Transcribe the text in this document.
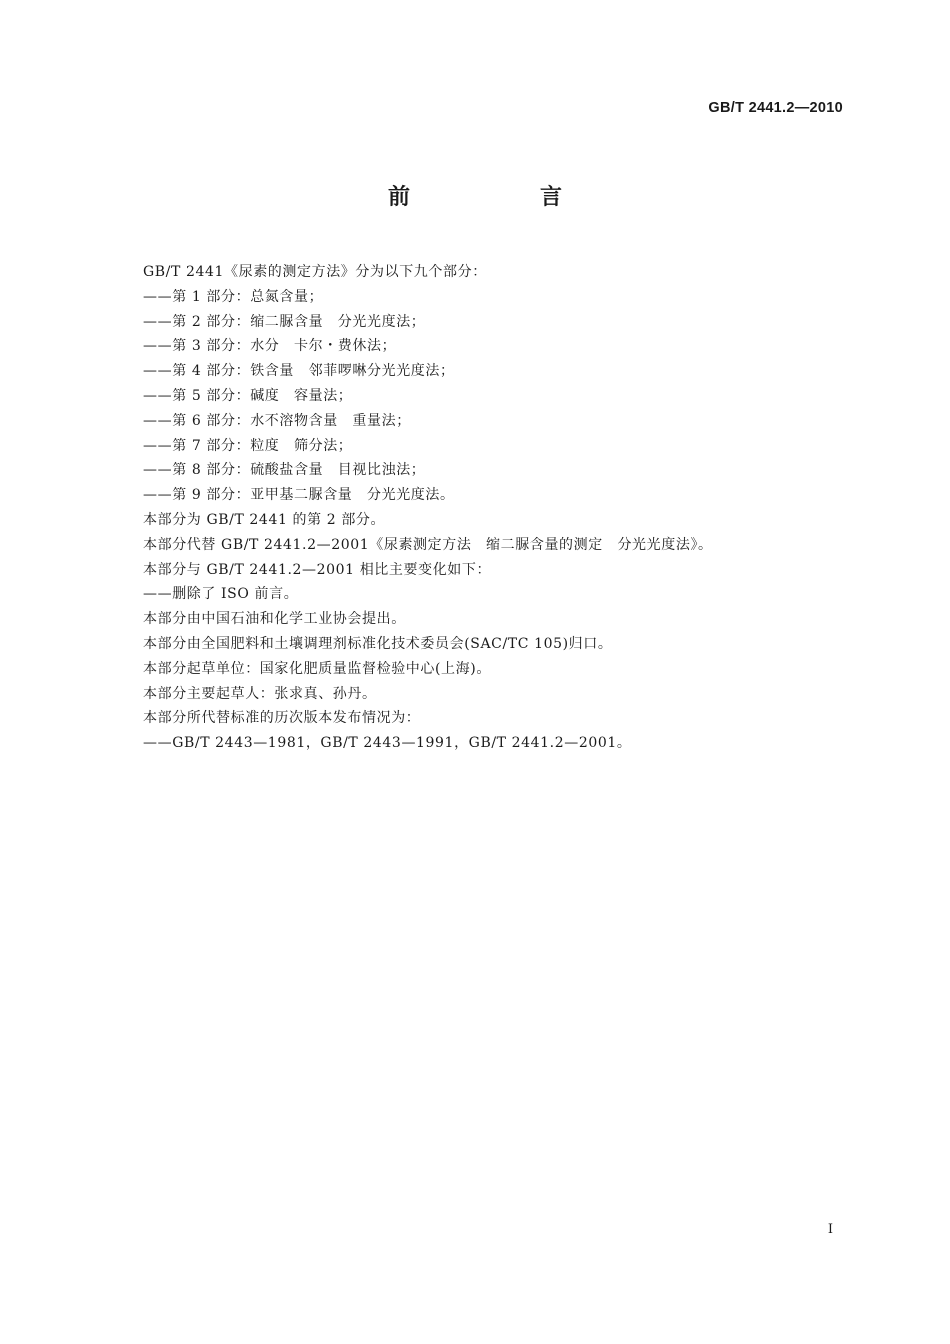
GB/T 2441.2—2010
前　言
GB/T 2441《尿素的测定方法》分为以下九个部分：
——第 1 部分：总氮含量；
——第 2 部分：缩二脲含量　分光光度法；
——第 3 部分：水分　卡尔・费休法；
——第 4 部分：铁含量　邻菲啰啉分光光度法；
——第 5 部分：碱度　容量法；
——第 6 部分：水不溶物含量　重量法；
——第 7 部分：粒度　筛分法；
——第 8 部分：硫酸盐含量　目视比浊法；
——第 9 部分：亚甲基二脲含量　分光光度法。
本部分为 GB/T 2441 的第 2 部分。
本部分代替 GB/T 2441.2—2001《尿素测定方法　缩二脲含量的测定　分光光度法》。
本部分与 GB/T 2441.2—2001 相比主要变化如下：
——删除了 ISO 前言。
本部分由中国石油和化学工业协会提出。
本部分由全国肥料和土壤调理剂标准化技术委员会(SAC/TC 105)归口。
本部分起草单位：国家化肥质量监督检验中心(上海)。
本部分主要起草人：张求真、孙丹。
本部分所代替标准的历次版本发布情况为：
——GB/T 2443—1981，GB/T 2443—1991，GB/T 2441.2—2001。
I
